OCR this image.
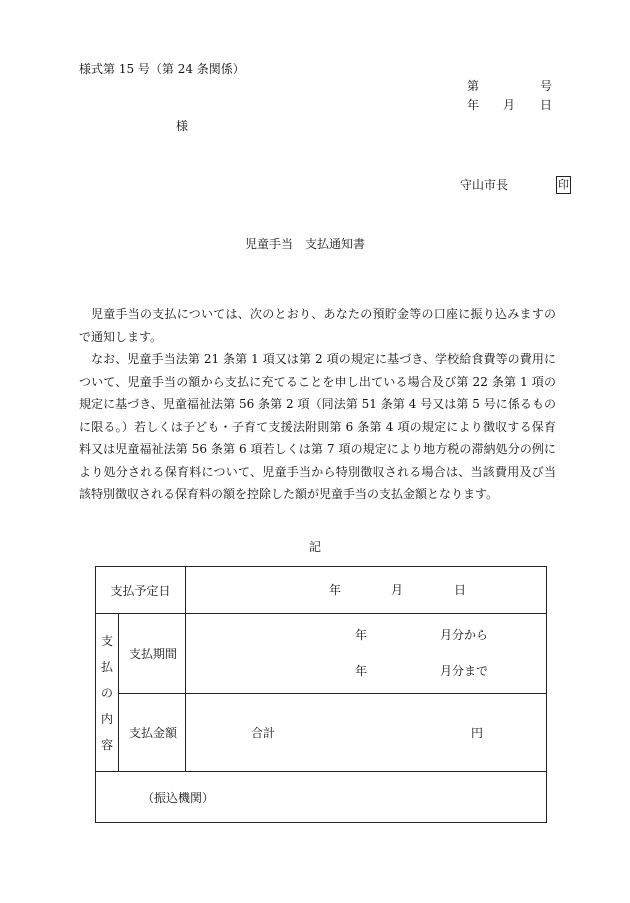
様式第 15 号（第 24 条関係）
第	号
年 月 日
様
守山市長	印
児童手当　支払通知書

児童手当の支払については、次のとおり、あなたの預貯金等の口座に振り込みますので通知します。

なお、児童手当法第 21 条第 1 項又は第 2 項の規定に基づき、学校給食費等の費用について、児童手当の額から支払に充てることを申し出ている場合及び第 22 条第 1 項の規定に基づき、児童福祉法第 56 条第 2 項（同法第 51 条第 4 号又は第 5 号に係るものに限る。）若しくは子ども・子育て支援法附則第 6 条第 4 項の規定により徴収する保育料又は児童福祉法第 56 条第 6 項若しくは第 7 項の規定により地方税の滞納処分の例により処分される保育料について、児童手当から特別徴収される場合は、当該費用及び当該特別徴収される保育料の額を控除した額が児童手当の支払金額となります。

記
支払予定日		年 月 日

支
払
の
内
容	支払期間	年 月分から
年 月分まで

	支払金額	合計 円

（振込機関）		
